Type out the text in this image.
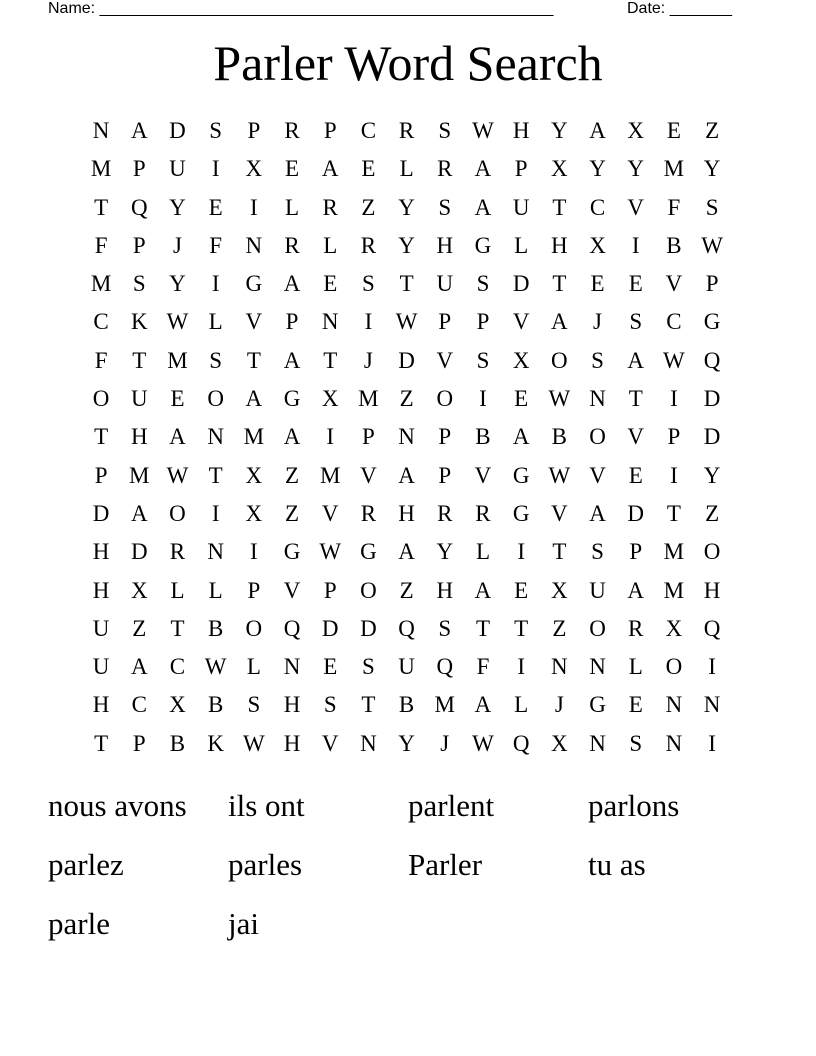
Name: ___________________________________________________	Date: _______
Parler Word Search
N A D	S	P	R	P	C R	S W H Y A X E	Z
M P	U	I	X E A E	L	R A	P	X Y Y M Y
T Q Y E	I	L	R	Z Y	S	A U T	C V	F	S
F	P	J	F	N R	L	R Y H G L H X	I	B W
M S	Y	I	G A E	S	T U	S	D T	E	E V	P
C K W L V	P	N	I	W P	P	V A	J	S	C G
F	T M S	T A T	J	D V	S	X O	S	A W Q
O U E O A G X M Z O	I	E W N T	I	D
T H A N M A	I	P	N	P	B A B O V	P	D
P M W T X Z M V A	P	V G W V E	I	Y
D A O	I	X Z V R H R R G V A D T	Z
H D R N	I	G W G A Y L	I	T	S	P M O
H X L	L	P	V	P	O Z H A E X U A M H
U Z	T	B O Q D D Q	S	T	T	Z O R X Q
U A C W L N E	S	U Q	F	I	N N L O	I
H C X B	S	H	S	T	B M A L	J	G E N N
T	P	B K W H V N Y	J W Q X N	S	N	I
nous avons	ils ont	parlent	parlons
parlez	parles	Parler	tu as
parle	jai
